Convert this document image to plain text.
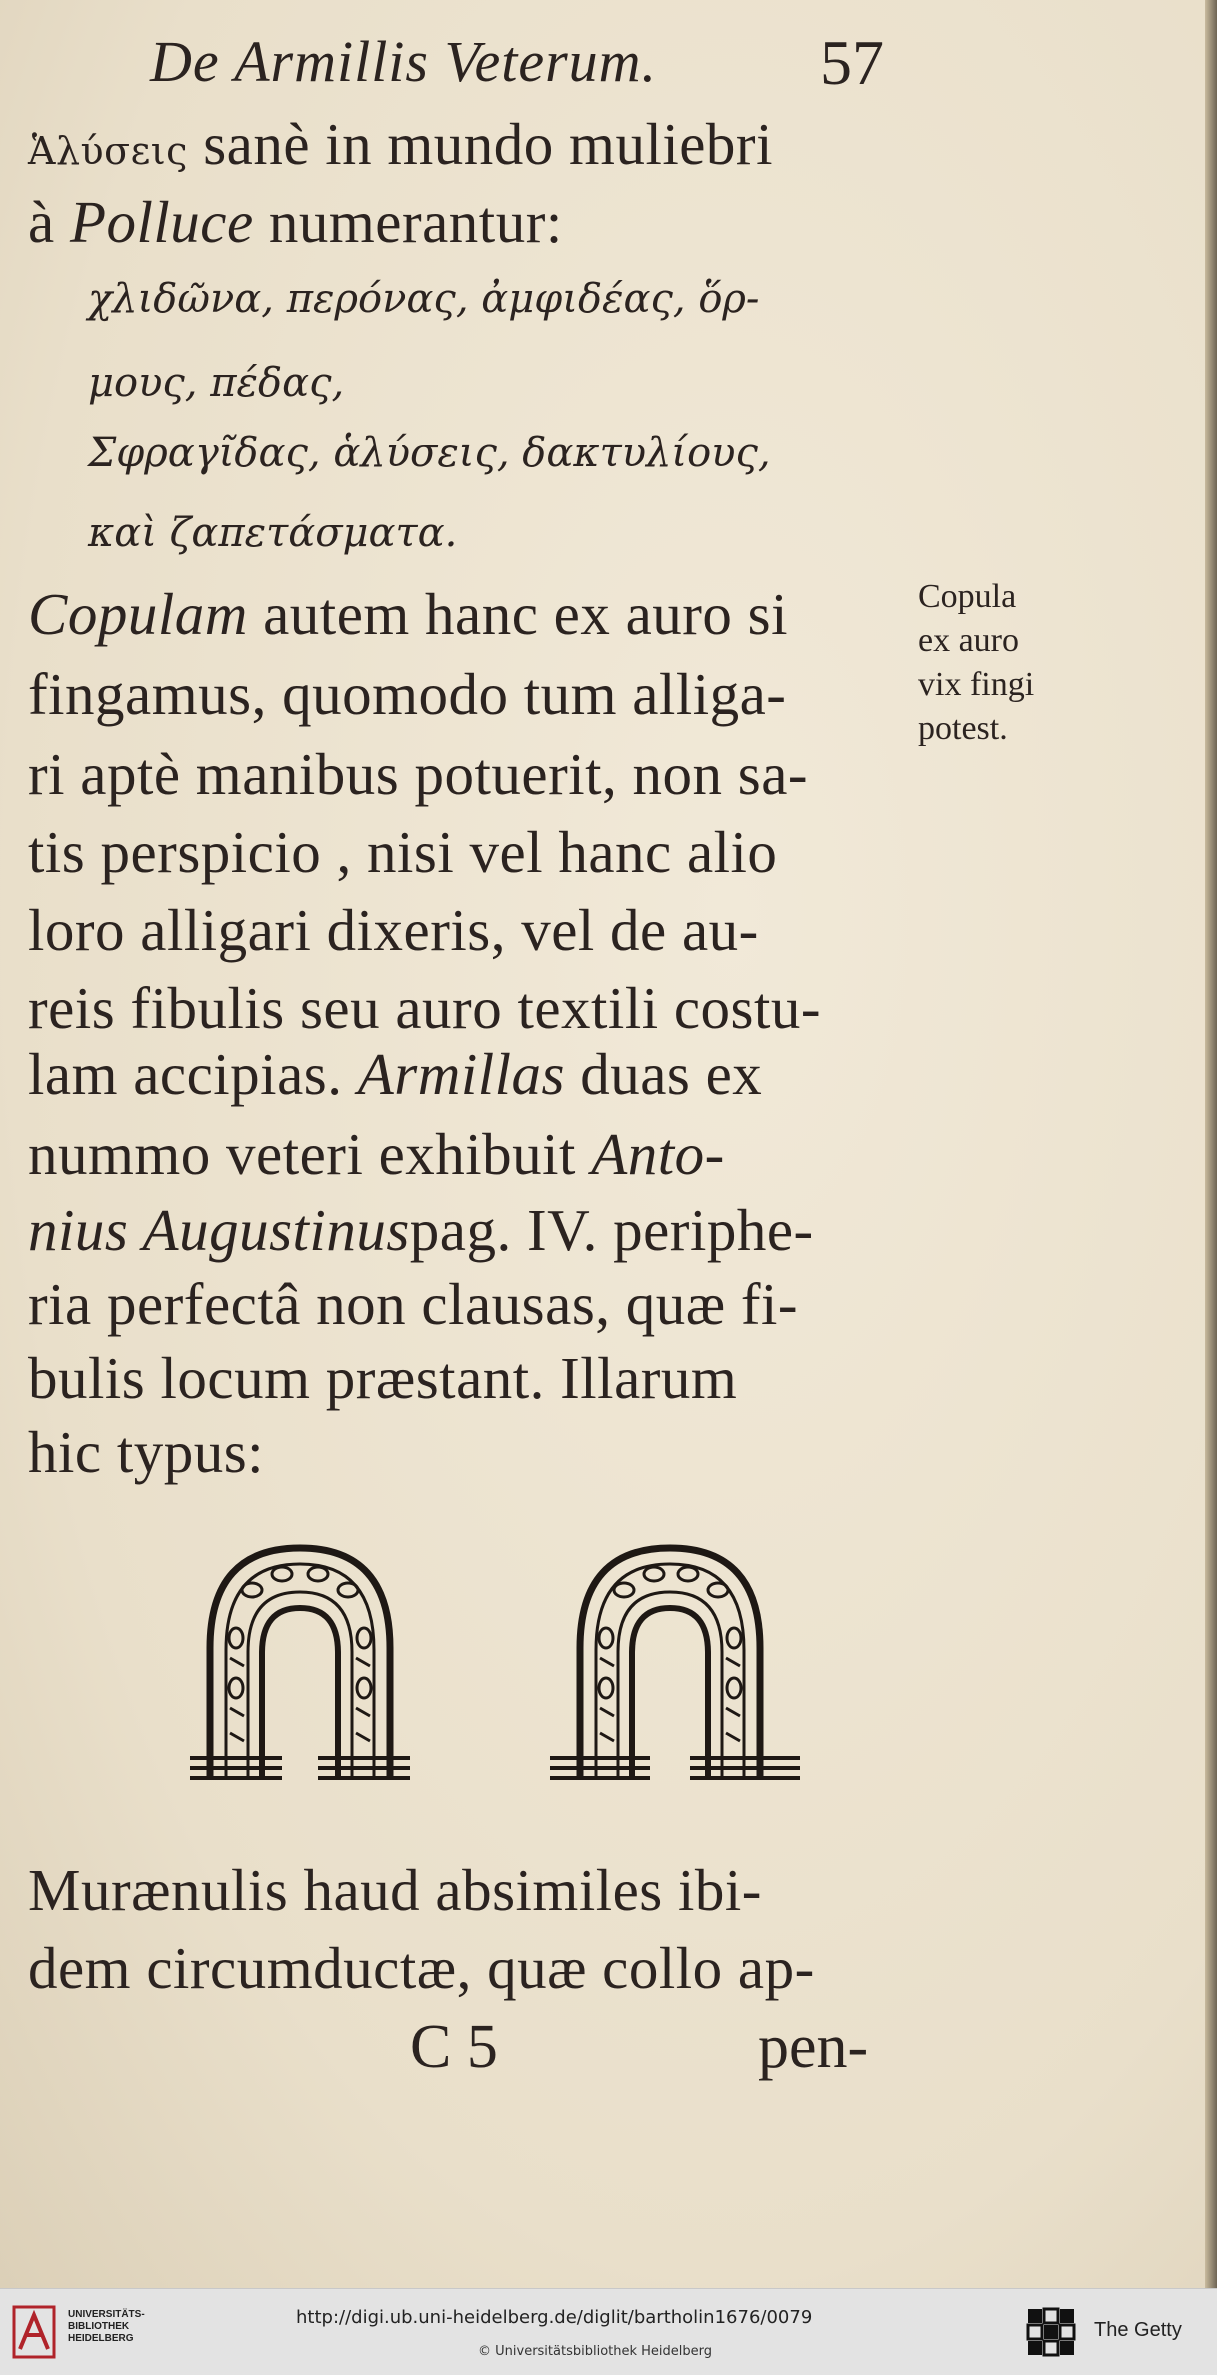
De Armillis Veterum.	57
Ἁλύσεις sanè in mundo muliebri
à Polluce numerantur:
χλιδῶνα, περόνας, ἀμφιδέας, ὅρ-
μους, πέδας,
Σφραγῖδας, ἁλύσεις, δακτυλίους,
καὶ ζαπετάσματα.
Copulam autem hanc ex auro si
fingamus, quomodo tum alliga-
ri aptè manibus potuerit, non sa-
tis perspicio , nisi vel hanc alio
loro alligari dixeris, vel de au-
reis fibulis seu auro textili costu-
lam accipias. Armillas duas ex
nummo veteri exhibuit Anto-
nius Augustinuspag. IV. periphe-
ria perfectâ non clausas, quæ fi-
bulis locum præstant. Illarum
hic typus:
Copula
ex auro
vix fingi
potest.
Murænulis haud absimiles ibi-
dem circumductæ, quæ collo ap-
C 5	pen-
UNIVERSITÄTS-
BIBLIOTHEK
HEIDELBERG
http://digi.ub.uni-heidelberg.de/diglit/bartholin1676/0079
© Universitätsbibliothek Heidelberg
The Getty
